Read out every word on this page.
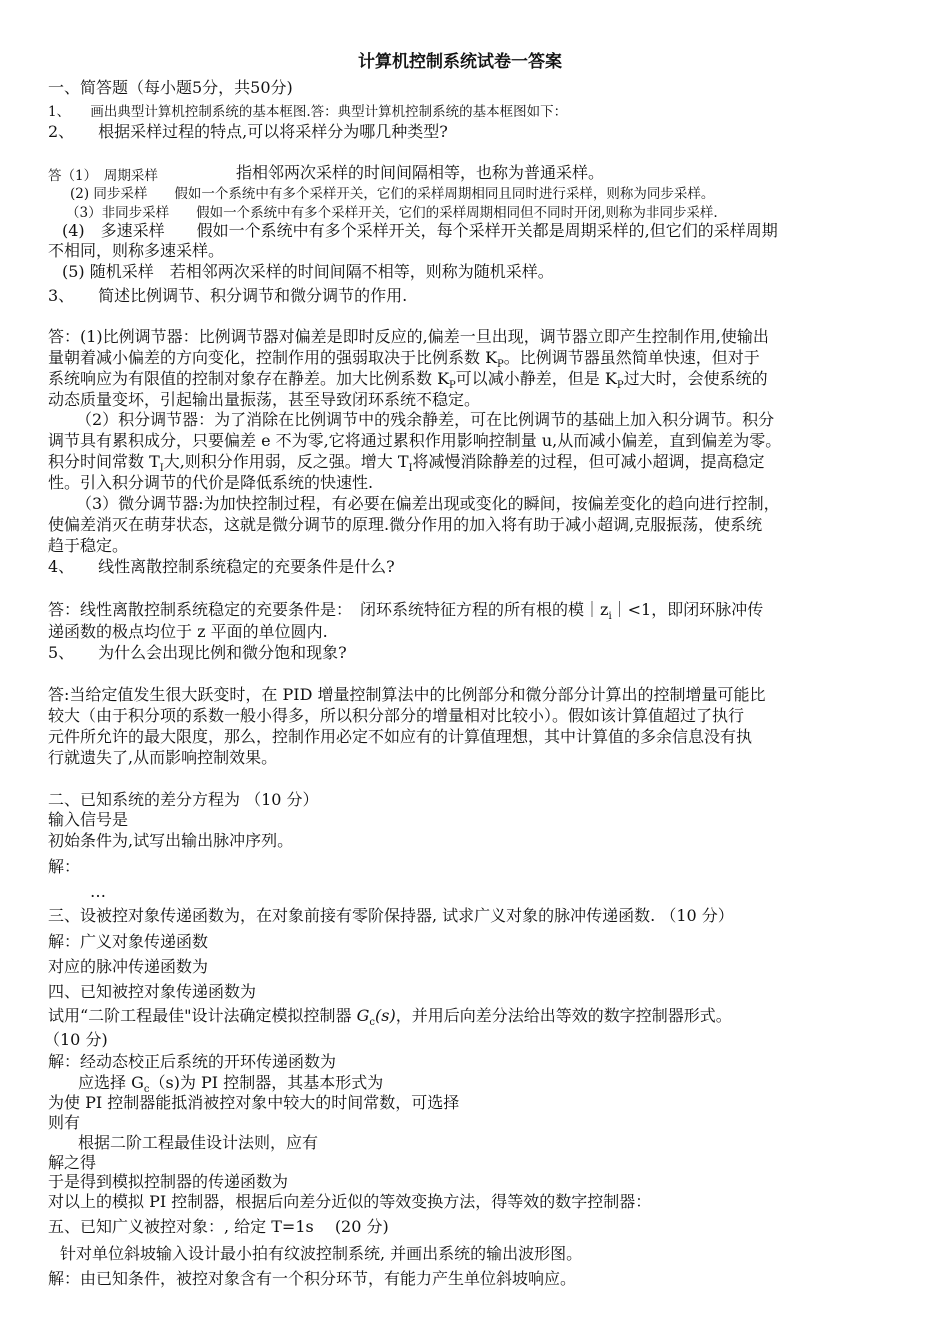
计算机控制系统试卷一答案
一、简答题（每小题5分，共50分)
1、　　画出典型计算机控制系统的基本框图.答：典型计算机控制系统的基本框图如下：
2、　　根据采样过程的特点,可以将采样分为哪几种类型?
答（1）　周期采样	指相邻两次采样的时间间隔相等，也称为普通采样。
(2) 同步采样　　假如一个系统中有多个采样开关，它们的采样周期相同且同时进行采样，则称为同步采样。
（3）非同步采样　　假如一个系统中有多个采样开关，它们的采样周期相同但不同时开闭,则称为非同步采样.
(4)　多速采样　　假如一个系统中有多个采样开关，每个采样开关都是周期采样的,但它们的采样周期
不相同，则称多速采样。
(5) 随机采样　若相邻两次采样的时间间隔不相等，则称为随机采样。
3、　　简述比例调节、积分调节和微分调节的作用.
答：(1)比例调节器：比例调节器对偏差是即时反应的,偏差一旦出现，调节器立即产生控制作用,使输出
量朝着减小偏差的方向变化，控制作用的强弱取决于比例系数 $K_P$。比例调节器虽然简单快速，但对于
系统响应为有限值的控制对象存在静差。加大比例系数 $K_P$可以减小静差，但是 $K_P$过大时，会使系统的
动态质量变坏，引起输出量振荡，甚至导致闭环系统不稳定。
（2）积分调节器：为了消除在比例调节中的残余静差，可在比例调节的基础上加入积分调节。积分
调节具有累积成分，只要偏差 e 不为零,它将通过累积作用影响控制量 u,从而减小偏差，直到偏差为零。
积分时间常数 $T_I$大,则积分作用弱，反之强。增大 $T_I$将减慢消除静差的过程，但可减小超调，提高稳定
性。引入积分调节的代价是降低系统的快速性.
（3）微分调节器:为加快控制过程，有必要在偏差出现或变化的瞬间，按偏差变化的趋向进行控制，
使偏差消灭在萌芽状态，这就是微分调节的原理.微分作用的加入将有助于减小超调,克服振荡，使系统
趋于稳定。
4、　　线性离散控制系统稳定的充要条件是什么?
答：线性离散控制系统稳定的充要条件是：　闭环系统特征方程的所有根的模$|z_i|<1$，即闭环脉冲传
递函数的极点均位于 z 平面的单位圆内.
5、　　为什么会出现比例和微分饱和现象?
答:当给定值发生很大跃变时，在 PID 增量控制算法中的比例部分和微分部分计算出的控制增量可能比
较大（由于积分项的系数一般小得多，所以积分部分的增量相对比较小）。假如该计算值超过了执行
元件所允许的最大限度，那么，控制作用必定不如应有的计算值理想，其中计算值的多余信息没有执
行就遗失了,从而影响控制效果。
二、已知系统的差分方程为 （10 分）
输入信号是
初始条件为,试写出输出脉冲序列。
解：
…
三、设被控对象传递函数为，在对象前接有零阶保持器, 试求广义对象的脉冲传递函数. （10 分）
解：广义对象传递函数
对应的脉冲传递函数为
四、已知被控对象传递函数为
试用“二阶工程最佳"设计法确定模拟控制器 $G_c(s)$，并用后向差分法给出等效的数字控制器形式。
（10 分)
解：经动态校正后系统的开环传递函数为
应选择 $G_c(s)$为 PI 控制器，其基本形式为
为使 PI 控制器能抵消被控对象中较大的时间常数，可选择
则有
根据二阶工程最佳设计法则，应有
解之得
于是得到模拟控制器的传递函数为
对以上的模拟 PI 控制器，根据后向差分近似的等效变换方法，得等效的数字控制器：
五、已知广义被控对象：, 给定 T=1s　 (20 分)
针对单位斜坡输入设计最小拍有纹波控制系统, 并画出系统的输出波形图。
解：由已知条件，被控对象含有一个积分环节，有能力产生单位斜坡响应。
